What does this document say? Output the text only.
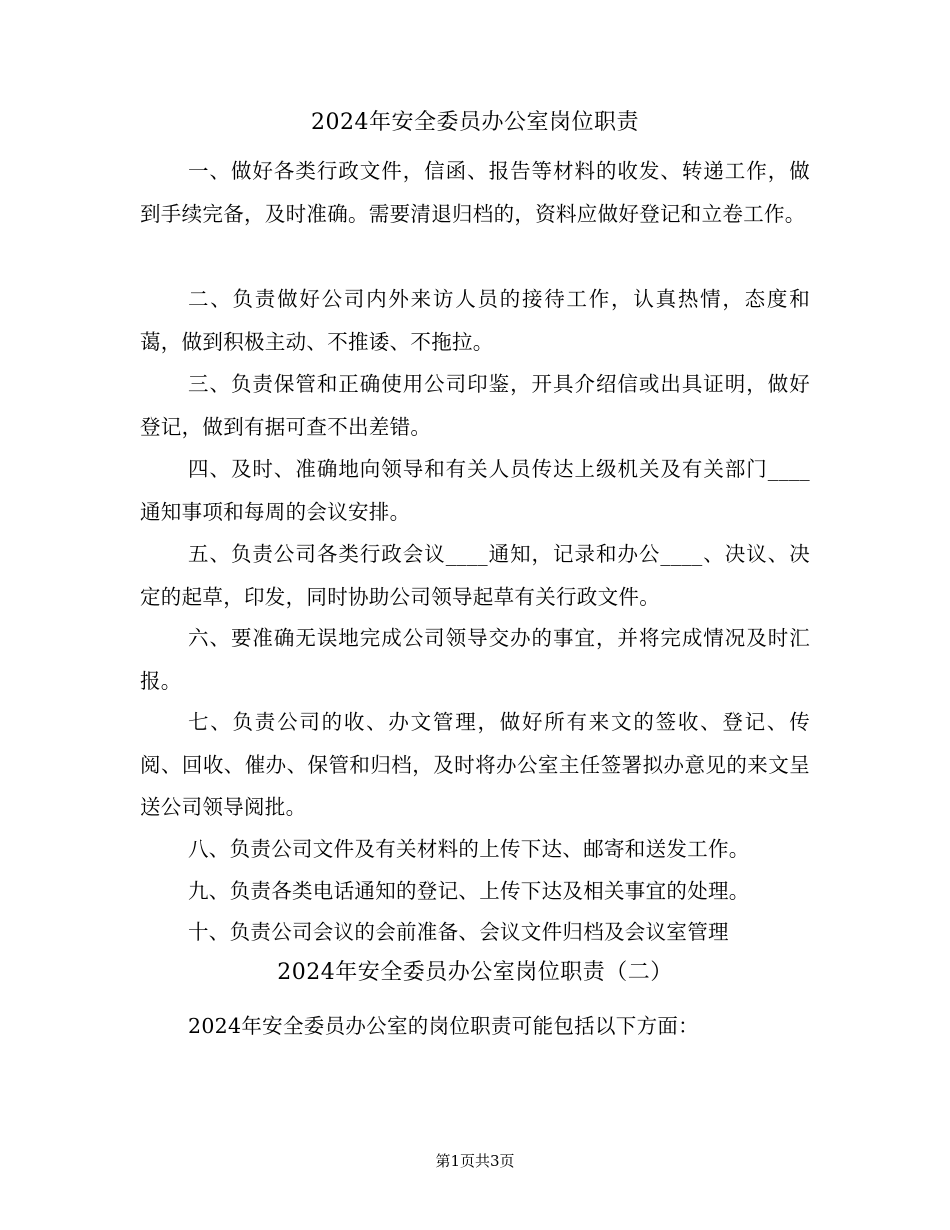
2024年安全委员办公室岗位职责

一、做好各类行政文件，信函、报告等材料的收发、转递工作，做到手续完备，及时准确。需要清退归档的，资料应做好登记和立卷工作。

二、负责做好公司内外来访人员的接待工作，认真热情，态度和蔼，做到积极主动、不推诿、不拖拉。

三、负责保管和正确使用公司印鉴，开具介绍信或出具证明，做好登记，做到有据可查不出差错。

四、及时、准确地向领导和有关人员传达上级机关及有关部门____通知事项和每周的会议安排。

五、负责公司各类行政会议____通知，记录和办公____、决议、决定的起草，印发，同时协助公司领导起草有关行政文件。

六、要准确无误地完成公司领导交办的事宜，并将完成情况及时汇报。

七、负责公司的收、办文管理，做好所有来文的签收、登记、传阅、回收、催办、保管和归档，及时将办公室主任签署拟办意见的来文呈送公司领导阅批。

八、负责公司文件及有关材料的上传下达、邮寄和送发工作。

九、负责各类电话通知的登记、上传下达及相关事宜的处理。

十、负责公司会议的会前准备、会议文件归档及会议室管理

2024年安全委员办公室岗位职责（二）

2024年安全委员办公室的岗位职责可能包括以下方面：

第1页共3页
